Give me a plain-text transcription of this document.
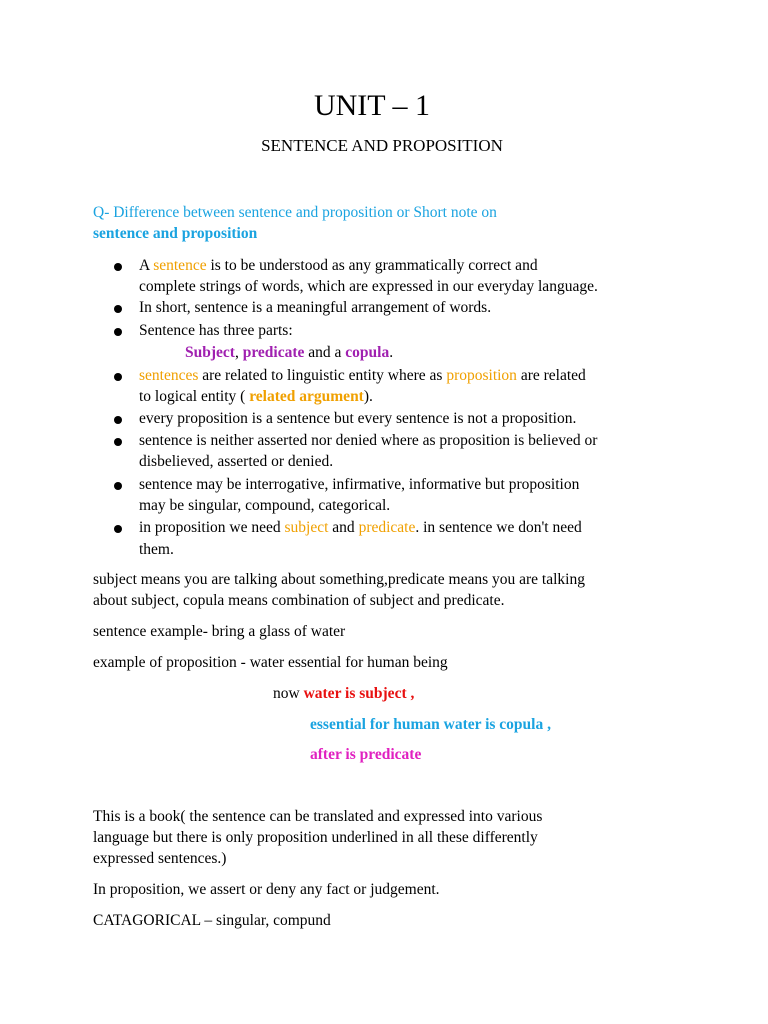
UNIT – 1
SENTENCE AND PROPOSITION
Q- Difference between sentence and proposition or Short note on
sentence and proposition
A sentence is to be understood as any grammatically correct and
complete strings of words, which are expressed in our everyday language.
In short, sentence is a meaningful arrangement of words.
Sentence has three parts:
Subject, predicate and a copula.
sentences are related to linguistic entity where as proposition are related
to logical entity ( related argument).
every proposition is a sentence but every sentence is not a proposition.
sentence is neither asserted nor denied where as proposition is believed or
disbelieved, asserted or denied.
sentence may be interrogative, infirmative, informative but proposition
may be singular, compound, categorical.
in proposition we need subject and predicate. in sentence we don't need
them.
subject means you are talking about something,predicate means you are talking
about subject, copula means combination of subject and predicate.
sentence example- bring a glass of water
example of proposition - water essential for human being
now water is subject ,
essential for human water is copula ,
after is predicate
This is a book( the sentence can be translated and expressed into various
language but there is only proposition underlined in all these differently
expressed sentences.)
In proposition, we assert or deny any fact or judgement.
CATAGORICAL – singular, compund
